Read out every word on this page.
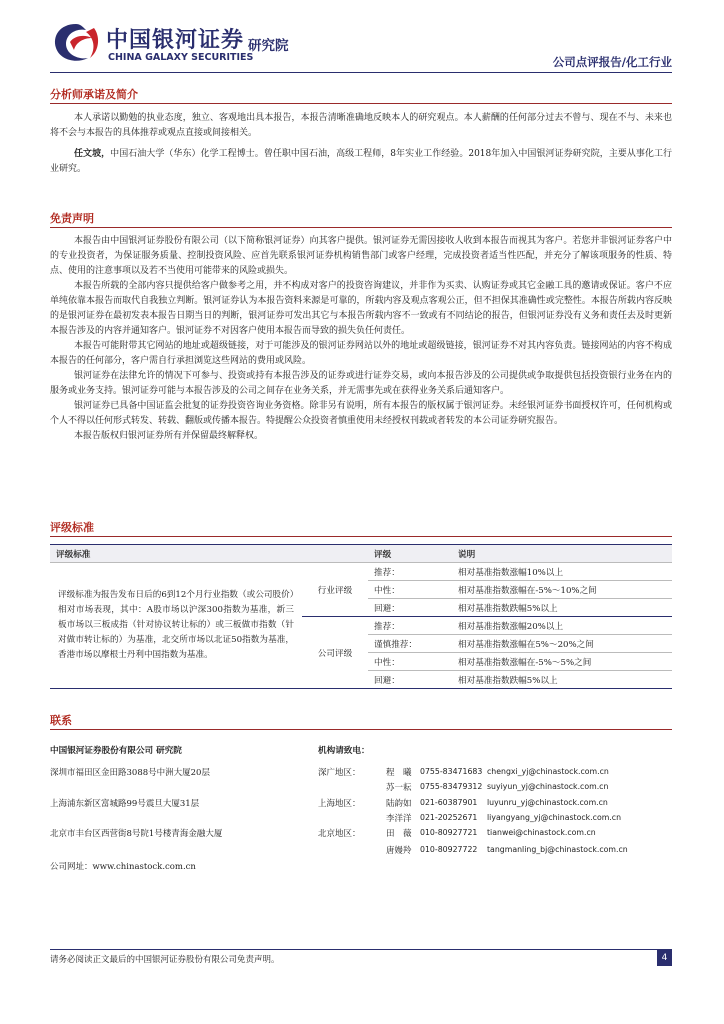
中国银河证券
CHINA GALAXY SECURITIES
研究院
公司点评报告/化工行业
分析师承诺及简介

本人承诺以勤勉的执业态度，独立、客观地出具本报告，本报告清晰准确地反映本人的研究观点。本人薪酬的任何部分过去不曾与、现在不与、未来也将不会与本报告的具体推荐或观点直接或间接相关。

任文坡，中国石油大学（华东）化学工程博士。曾任职中国石油，高级工程师，8年实业工作经验。2018年加入中国银河证券研究院，主要从事化工行业研究。

免责声明

本报告由中国银河证券股份有限公司（以下简称银河证券）向其客户提供。银河证券无需因接收人收到本报告而视其为客户。若您并非银河证券客户中的专业投资者，为保证服务质量、控制投资风险、应首先联系银河证券机构销售部门或客户经理，完成投资者适当性匹配，并充分了解该项服务的性质、特点、使用的注意事项以及若不当使用可能带来的风险或损失。

本报告所载的全部内容只提供给客户做参考之用，并不构成对客户的投资咨询建议，并非作为买卖、认购证券或其它金融工具的邀请或保证。客户不应单纯依靠本报告而取代自我独立判断。银河证券认为本报告资料来源是可靠的，所载内容及观点客观公正，但不担保其准确性或完整性。本报告所载内容反映的是银河证券在最初发表本报告日期当日的判断，银河证券可发出其它与本报告所载内容不一致或有不同结论的报告，但银河证券没有义务和责任去及时更新本报告涉及的内容并通知客户。银河证券不对因客户使用本报告而导致的损失负任何责任。

本报告可能附带其它网站的地址或超级链接，对于可能涉及的银河证券网站以外的地址或超级链接，银河证券不对其内容负责。链接网站的内容不构成本报告的任何部分，客户需自行承担浏览这些网站的费用或风险。

银河证券在法律允许的情况下可参与、投资或持有本报告涉及的证券或进行证券交易，或向本报告涉及的公司提供或争取提供包括投资银行业务在内的服务或业务支持。银河证券可能与本报告涉及的公司之间存在业务关系，并无需事先或在获得业务关系后通知客户。

银河证券已具备中国证监会批复的证券投资咨询业务资格。除非另有说明，所有本报告的版权属于银河证券。未经银河证券书面授权许可，任何机构或个人不得以任何形式转发、转载、翻版或传播本报告。特提醒公众投资者慎重使用未经授权刊载或者转发的本公司证券研究报告。

本报告版权归银河证券所有并保留最终解释权。

评级标准
评级标准		评级	说明
评级标准为报告发布日后的6到12个月行业指数（或公司股价）相对市场表现，其中：A股市场以沪深300指数为基准，新三板市场以三板成指（针对协议转让标的）或三板做市指数（针对做市转让标的）为基准，北交所市场以北证50指数为基准，香港市场以摩根士丹利中国指数为基准。	行业评级	推荐：	相对基准指数涨幅10%以上
		中性：	相对基准指数涨幅在-5%～10%之间
		回避：	相对基准指数跌幅5%以上
	公司评级	推荐：	相对基准指数涨幅20%以上
		谨慎推荐：	相对基准指数涨幅在5%～20%之间
		中性：	相对基准指数涨幅在-5%～5%之间
		回避：	相对基准指数跌幅5%以上
联系
中国银河证券股份有限公司 研究院
深圳市福田区金田路3088号中洲大厦20层
上海浦东新区富城路99号震旦大厦31层
北京市丰台区西营街8号院1号楼青海金融大厦
公司网址：www.chinastock.com.cn
机构请致电：
深广地区：	程　曦 0755-83471683 chengxi_yj@chinastock.com.cn
苏一耘 0755-83479312 suyiyun_yj@chinastock.com.cn
上海地区：	陆韵如 021-60387901 luyunru_yj@chinastock.com.cn
李洋洋 021-20252671 liyangyang_yj@chinastock.com.cn
北京地区：	田　薇 010-80927721 tianwei@chinastock.com.cn
唐嫚羚 010-80927722 tangmanling_bj@chinastock.com.cn
请务必阅读正文最后的中国银河证券股份有限公司免责声明。	4
